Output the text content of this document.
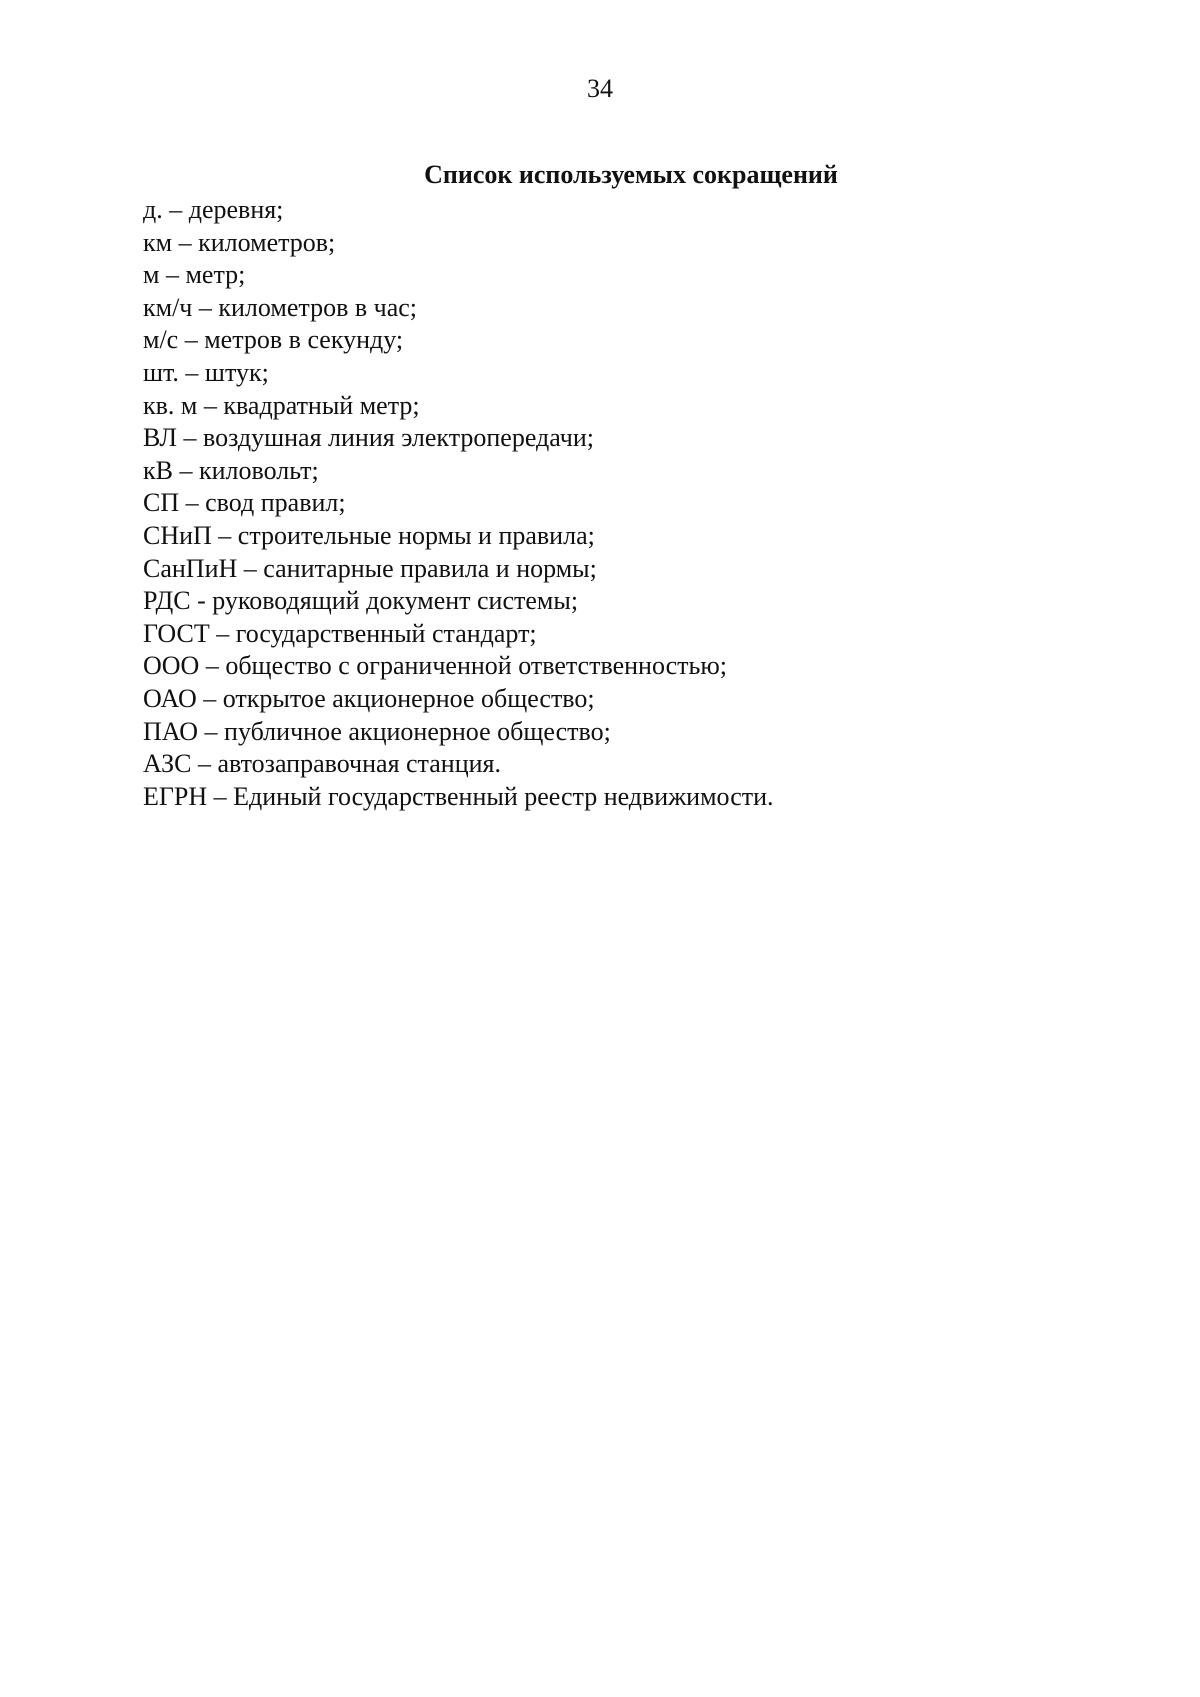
34
Список используемых сокращений
д. – деревня;
км – километров;
м – метр;
км/ч – километров в час;
м/с – метров в секунду;
шт. – штук;
кв. м – квадратный метр;
ВЛ – воздушная линия электропередачи;
кВ – киловольт;
СП – свод правил;
СНиП – строительные нормы и правила;
СанПиН – санитарные правила и нормы;
РДС - руководящий документ системы;
ГОСТ – государственный стандарт;
ООО – общество с ограниченной ответственностью;
ОАО – открытое акционерное общество;
ПАО – публичное акционерное общество;
АЗС – автозаправочная станция.
ЕГРН – Единый государственный реестр недвижимости.
